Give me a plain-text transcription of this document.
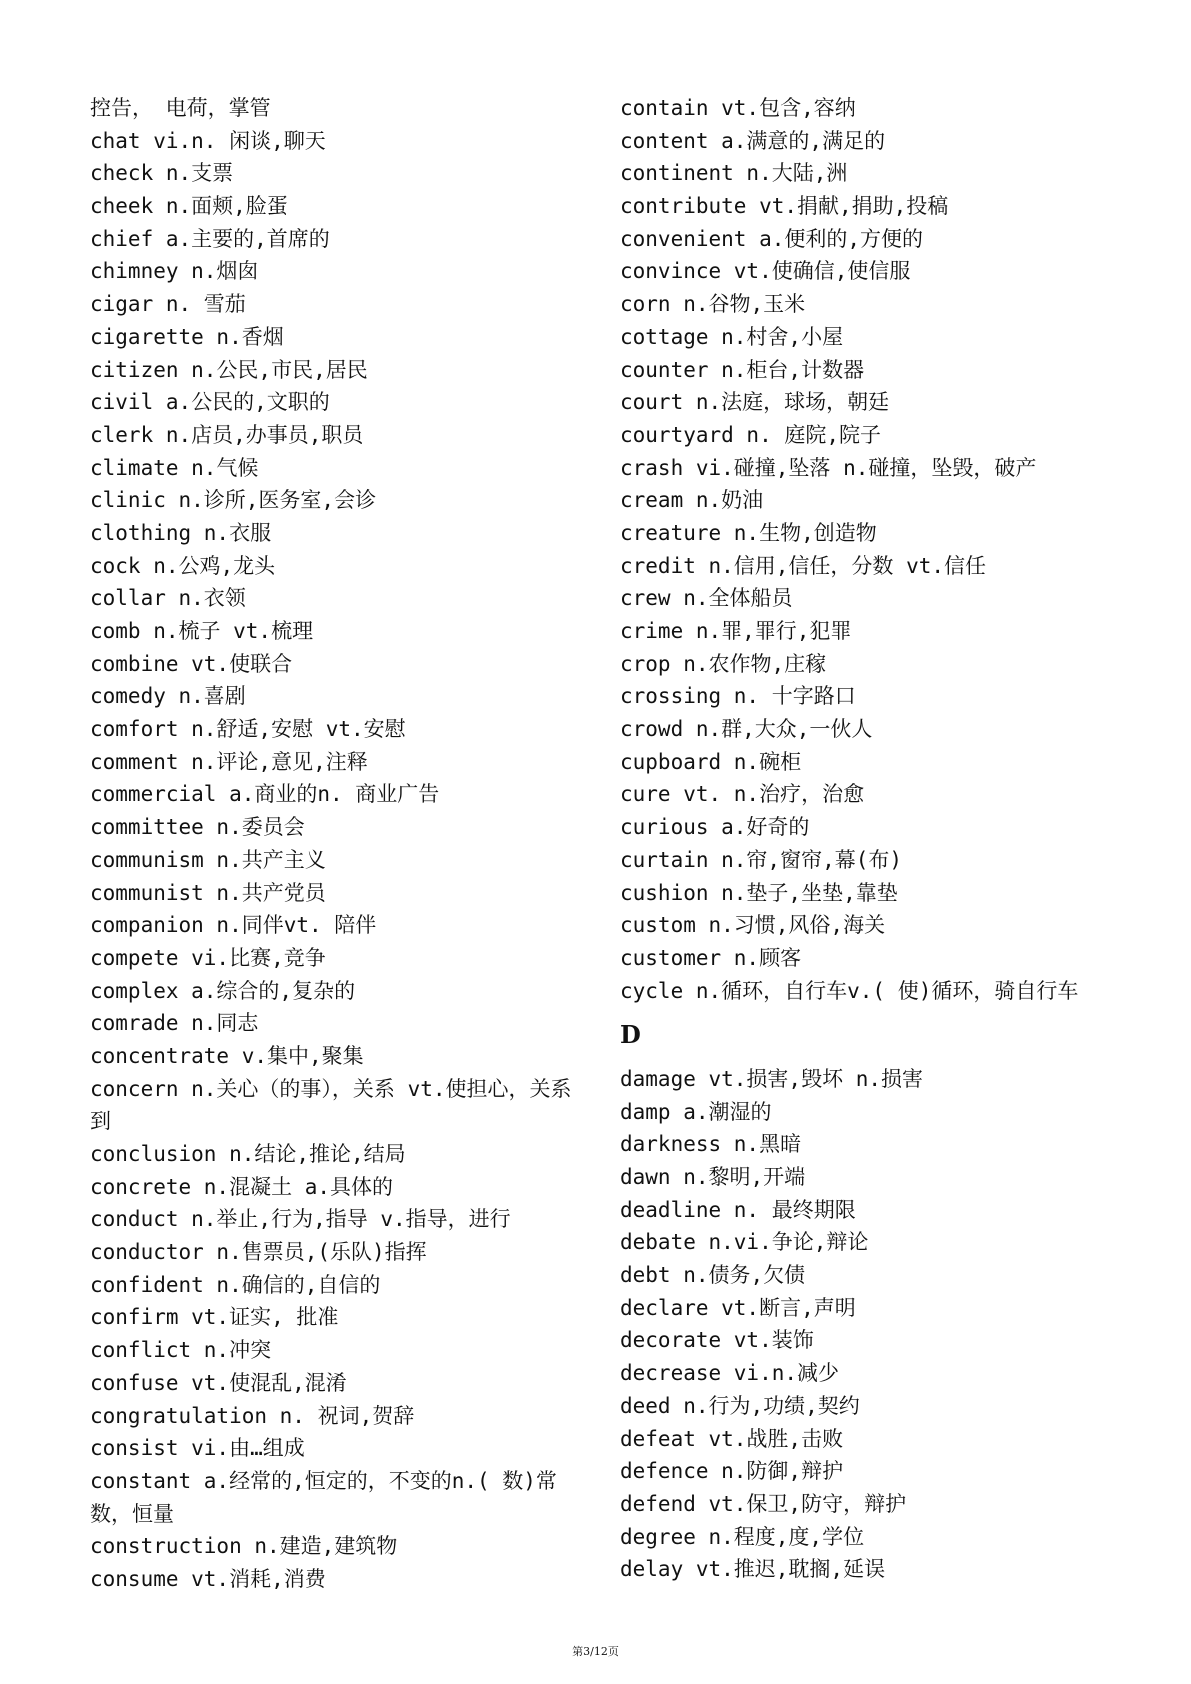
控告， 电荷，掌管
chat vi.n. 闲谈,聊天
check n.支票
cheek n.面颊,脸蛋
chief a.主要的,首席的
chimney n.烟囱
cigar n. 雪茄
cigarette n.香烟
citizen n.公民,市民,居民
civil a.公民的,文职的
clerk n.店员,办事员,职员
climate n.气候
clinic n.诊所,医务室,会诊
clothing n.衣服
cock n.公鸡,龙头
collar n.衣领
comb n.梳子 vt.梳理
combine vt.使联合
comedy n.喜剧
comfort n.舒适,安慰 vt.安慰
comment n.评论,意见,注释
commercial a.商业的n. 商业广告
committee n.委员会
communism n.共产主义
communist n.共产党员
companion n.同伴vt. 陪伴
compete vi.比赛,竞争
complex a.综合的,复杂的
comrade n.同志
concentrate v.集中,聚集
concern n.关心（的事），关系 vt.使担心，关系到
conclusion n.结论,推论,结局
concrete n.混凝土 a.具体的
conduct n.举止,行为,指导 v.指导，进行
conductor n.售票员,(乐队)指挥
confident n.确信的,自信的
confirm vt.证实, 批准
conflict n.冲突
confuse vt.使混乱,混淆
congratulation n. 祝词,贺辞
consist vi.由…组成
constant a.经常的,恒定的，不变的n.( 数)常数，恒量
construction n.建造,建筑物
consume vt.消耗,消费
contain vt.包含,容纳
content a.满意的,满足的
continent n.大陆,洲
contribute vt.捐献,捐助,投稿
convenient a.便利的,方便的
convince vt.使确信,使信服
corn n.谷物,玉米
cottage n.村舍,小屋
counter n.柜台,计数器
court n.法庭，球场，朝廷
courtyard n. 庭院,院子
crash vi.碰撞,坠落 n.碰撞，坠毁，破产
cream n.奶油
creature n.生物,创造物
credit n.信用,信任，分数 vt.信任
crew n.全体船员
crime n.罪,罪行,犯罪
crop n.农作物,庄稼
crossing n. 十字路口
crowd n.群,大众,一伙人
cupboard n.碗柜
cure vt. n.治疗，治愈
curious a.好奇的
curtain n.帘,窗帘,幕(布)
cushion n.垫子,坐垫,靠垫
custom n.习惯,风俗,海关
customer n.顾客
cycle n.循环，自行车v.( 使)循环，骑自行车
D
damage vt.损害,毁坏 n.损害
damp a.潮湿的
darkness n.黑暗
dawn n.黎明,开端
deadline n. 最终期限
debate n.vi.争论,辩论
debt n.债务,欠债
declare vt.断言,声明
decorate vt.装饰
decrease vi.n.减少
deed n.行为,功绩,契约
defeat vt.战胜,击败
defence n.防御,辩护
defend vt.保卫,防守，辩护
degree n.程度,度,学位
delay vt.推迟,耽搁,延误
第3/12页
